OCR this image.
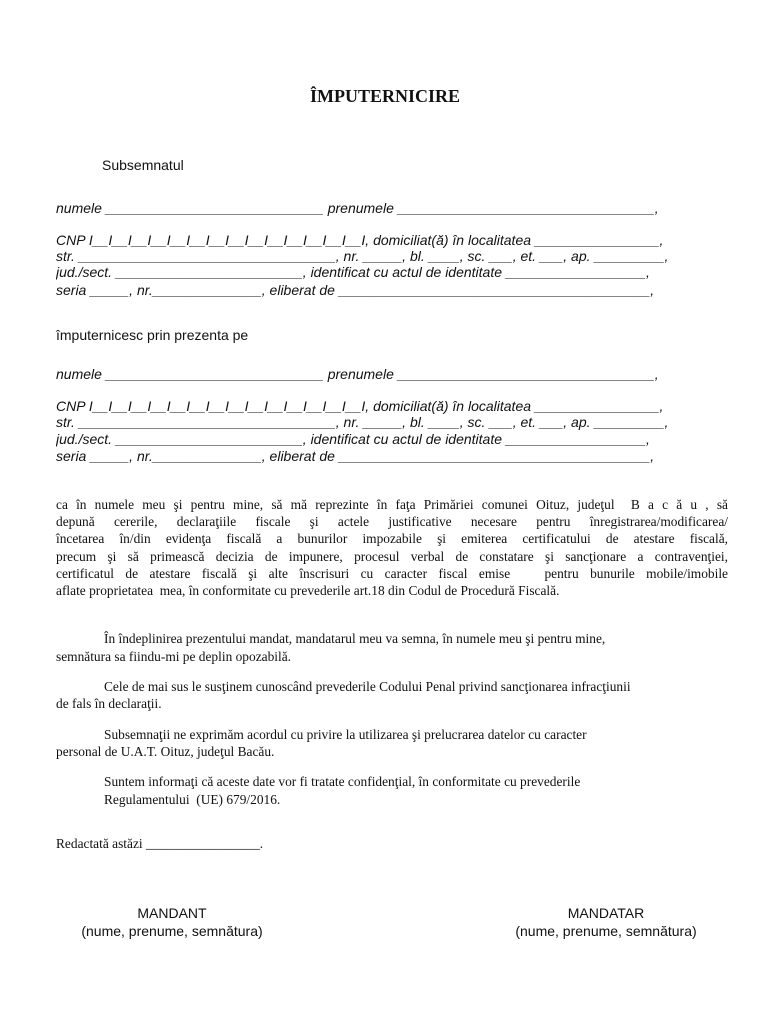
ÎMPUTERNICIRE
Subsemnatul
numele ____________________________ prenumele _________________________________,
CNP I__I__I__I__I__I__I__I__I__I__I__I__I__I__I, domiciliat(ă) în localitatea ________________,
str. _________________________________, nr. _____, bl. ____, sc. ___, et. ___, ap. _________,
jud./sect. ________________________, identificat cu actul de identitate __________________,
seria _____, nr.______________, eliberat de ________________________________________,
împuternicesc prin prezenta pe
numele ____________________________ prenumele _________________________________,
CNP I__I__I__I__I__I__I__I__I__I__I__I__I__I__I, domiciliat(ă) în localitatea ________________,
str. _________________________________, nr. _____, bl. ____, sc. ___, et. ___, ap. _________,
jud./sect. ________________________, identificat cu actul de identitate __________________,
seria _____, nr.______________, eliberat de ________________________________________,
ca în numele meu şi pentru mine, să mă reprezinte în faţa Primăriei comunei Oituz, judeţul  B a c ă u , să
depună cererile, declaraţiile fiscale şi actele justificative necesare pentru înregistrarea/modificarea/
încetarea în/din evidenţa fiscală a bunurilor impozabile şi emiterea certificatului de atestare fiscală,
precum şi să primească decizia de impunere, procesul verbal de constatare şi sancţionare a contravenţiei,
certificatul de atestare fiscală şi alte înscrisuri cu caracter fiscal emise   pentru bunurile mobile/imobile
aflate proprietatea  mea, în conformitate cu prevederile art.18 din Codul de Procedură Fiscală.
În îndeplinirea prezentului mandat, mandatarul meu va semna, în numele meu şi pentru mine,
semnătura sa fiindu-mi pe deplin opozabilă.
Cele de mai sus le susţinem cunoscând prevederile Codului Penal privind sancţionarea infracţiunii
de fals în declaraţii.
Subsemnaţii ne exprimăm acordul cu privire la utilizarea şi prelucrarea datelor cu caracter
personal de U.A.T. Oituz, judeţul Bacău.
Suntem informaţi că aceste date vor fi tratate confidenţial, în conformitate cu prevederile
Regulamentului  (UE) 679/2016.
Redactată astăzi _________________.
MANDANT
(nume, prenume, semnătura)
MANDATAR
(nume, prenume, semnătura)
